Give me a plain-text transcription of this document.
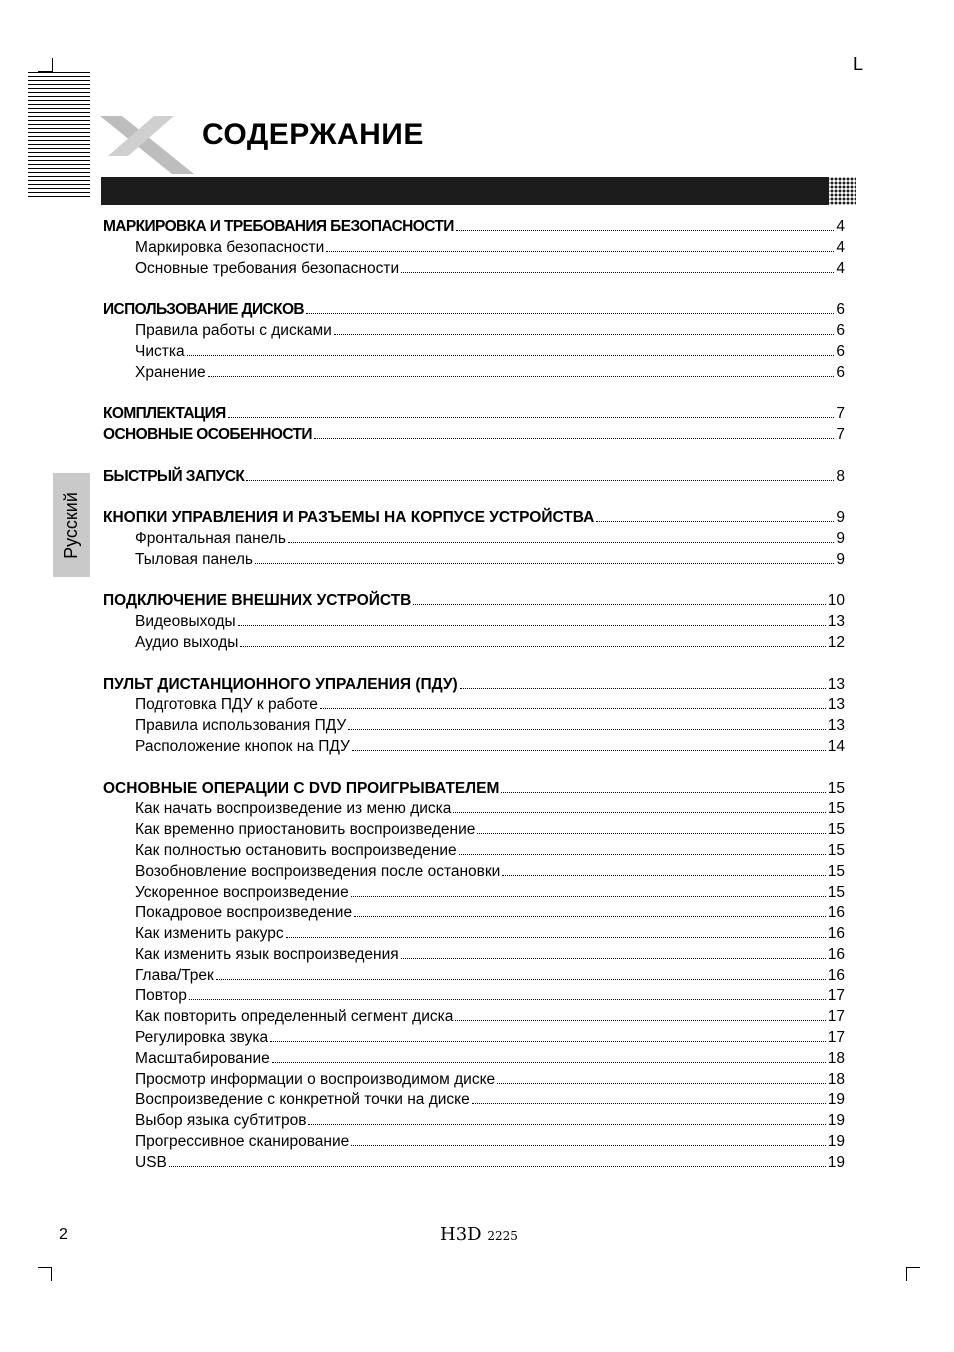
L
СОДЕРЖАНИЕ
Русский
МАРКИРОВКА И ТРЕБОВАНИЯ БЕЗОПАСНОСТИ	4
Маркировка безопасности	4
Основные требования безопасности	4
ИСПОЛЬЗОВАНИЕ ДИСКОВ	6
Правила работы с дисками	6
Чистка	6
Хранение	6
КОМПЛЕКТАЦИЯ	7
ОСНОВНЫЕ ОСОБЕННОСТИ	7
БЫСТРЫЙ ЗАПУСК	8
КНОПКИ УПРАВЛЕНИЯ И РАЗЪЕМЫ НА КОРПУСЕ УСТРОЙСТВА	9
Фронтальная панель	9
Тыловая панель	9
ПОДКЛЮЧЕНИЕ ВНЕШНИХ УСТРОЙСТВ	10
Видеовыходы	13
Аудио выходы	12
ПУЛЬТ ДИСТАНЦИОННОГО УПРАЛЕНИЯ (ПДУ)	13
Подготовка ПДУ к работе	13
Правила использования ПДУ	13
Расположение кнопок на ПДУ	14
ОСНОВНЫЕ ОПЕРАЦИИ С DVD ПРОИГРЫВАТЕЛЕМ	15
Как начать воспроизведение из меню диска	15
Как временно приостановить воспроизведение	15
Как полностью остановить воспроизведение	15
Возобновление воспроизведения после остановки	15
Ускоренное воспроизведение	15
Покадровое воспроизведение	16
Как изменить ракурс	16
Как изменить язык воспроизведения	16
Глава/Трек	16
Повтор	17
Как повторить определенный сегмент диска	17
Регулировка звука	17
Масштабирование	18
Просмотр информации о воспроизводимом диске	18
Воспроизведение с конкретной точки на диске	19
Выбор языка субтитров	19
Прогрессивное сканирование	19
USB	19
2	H3D 2225
